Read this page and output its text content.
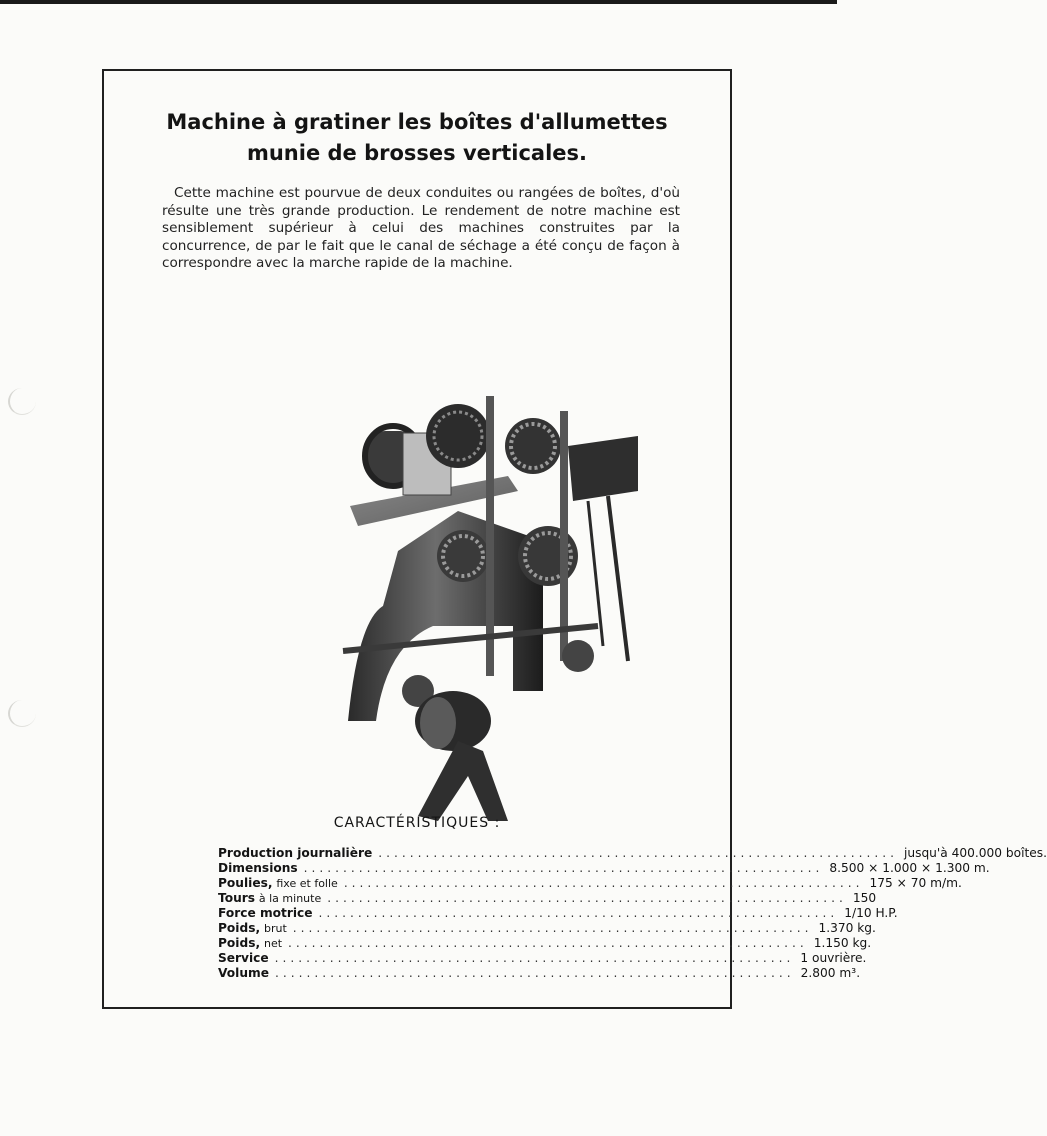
Machine à gratiner les boîtes d'allumettes
munie de brosses verticales.

Cette machine est pourvue de deux conduites ou rangées de boîtes, d'où résulte une très grande production. Le rendement de notre machine est sensiblement supérieur à celui des machines construites par la concurrence, de par le fait que le canal de séchage a été conçu de façon à correspondre avec la marche rapide de la machine.

CARACTÉRISTIQUES :
Production journalière .................................................................. jusqu'à 400.000 boîtes.
Dimensions .................................................................. 8.500 × 1.000 × 1.300 m.
Poulies, fixe et folle .................................................................. 175 × 70 m/m.
Tours à la minute .................................................................. 150
Force motrice .................................................................. 1/10 H.P.
Poids, brut .................................................................. 1.370 kg.
Poids, net .................................................................. 1.150 kg.
Service .................................................................. 1 ouvrière.
Volume .................................................................. 2.800 m³.
